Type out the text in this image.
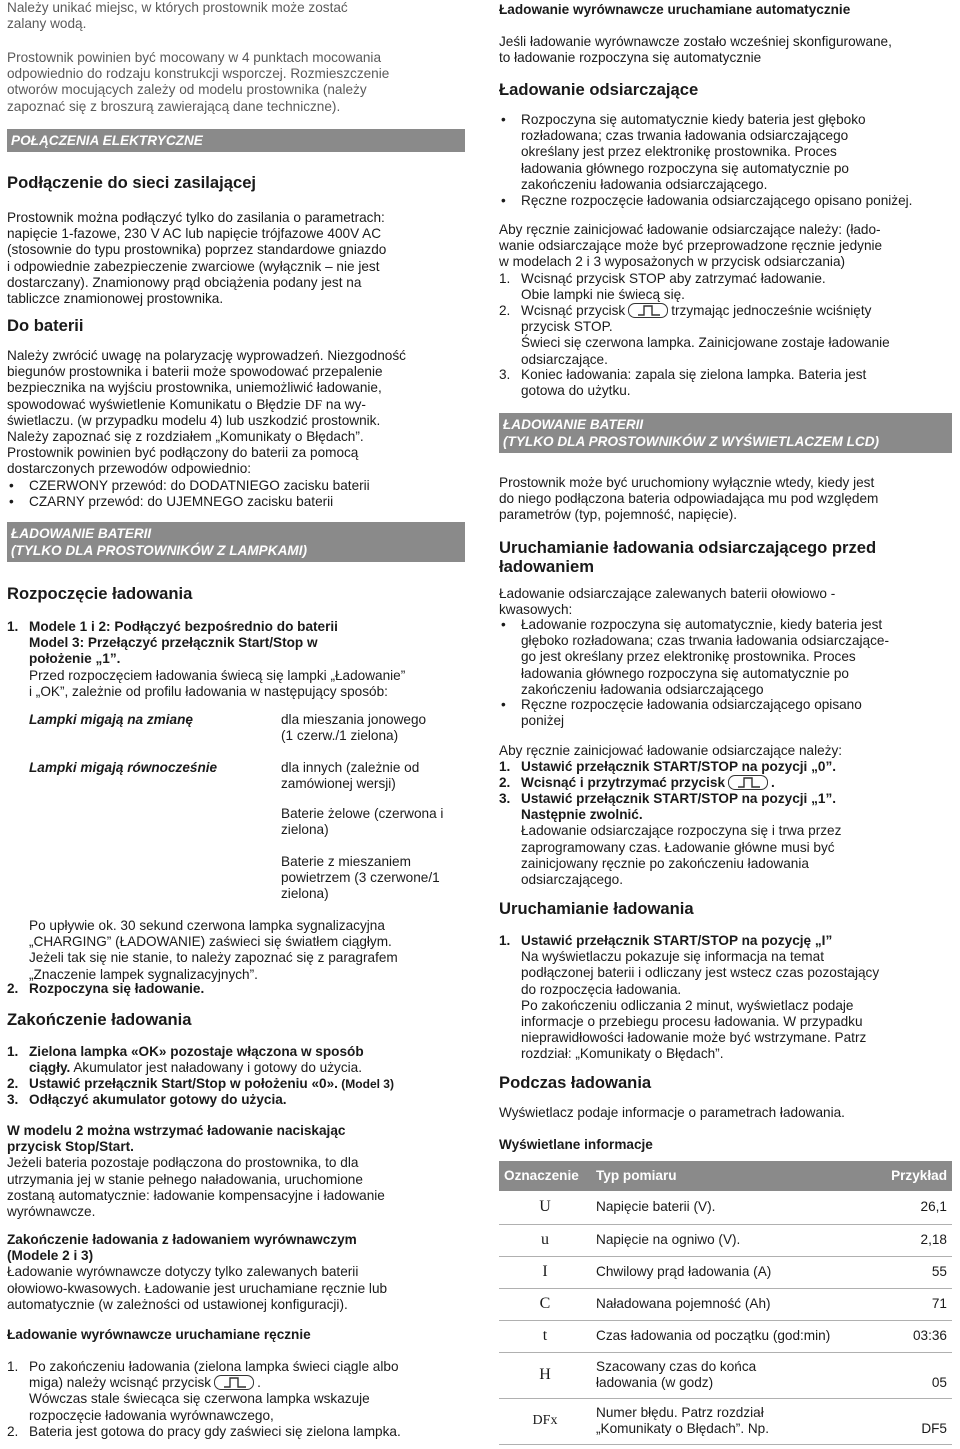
Należy unikać miejsc, w których prostownik może zostać
zalany wodą.

Prostownik powinien być mocowany w 4 punktach mocowania
odpowiednio do rodzaju konstrukcji wsporczej. Rozmieszczenie
otworów mocujących zależy od modelu prostownika (należy
zapoznać się z broszurą zawierającą dane techniczne).

POŁĄCZENIA ELEKTRYCZNE
Podłączenie do sieci zasilającej

Prostownik można podłączyć tylko do zasilania o parametrach:
napięcie 1-fazowe, 230 V AC lub napięcie trójfazowe 400V AC
(stosownie do typu prostownika) poprzez standardowe gniazdo
i odpowiednie zabezpieczenie zwarciowe (wyłącznik – nie jest
dostarczany). Znamionowy prąd obciążenia podany jest na
tabliczce znamionowej prostownika.

Do baterii

Należy zwrócić uwagę na polaryzację wyprowadzeń. Niezgodność
biegunów prostownika i baterii może spowodować przepalenie
bezpiecznika na wyjściu prostownika, uniemożliwić ładowanie,
spowodować wyświetlenie Komunikatu o Błędzie DF na wy-
świetlaczu. (w przypadku modelu 4) lub uszkodzić prostownik.
Należy zapoznać się z rozdziałem „Komunikaty o Błędach”.
Prostownik powinien być podłączony do baterii za pomocą
dostarczonych przewodów odpowiednio:

• CZERWONY przewód: do DODATNIEGO zacisku baterii
• CZARNY przewód: do UJEMNEGO zacisku baterii
ŁADOWANIE BATERII
(TYLKO DLA PROSTOWNIKÓW Z LAMPKAMI)
Rozpoczęcie ładowania
1. Modele 1 i 2: Podłączyć bezpośrednio do baterii
Model 3: Przełączyć przełącznik Start/Stop w
położenie „1”.
Przed rozpoczęciem ładowania świecą się lampki „Ładowanie”
i „OK”, zależnie od profilu ładowania w następujący sposób:
Lampki migają na zmianę	dla mieszania jonowego
(1 czerw./1 zielona)
Lampki migają równocześnie	dla innych (zależnie od
zamówionej wersji)

Baterie żelowe (czerwona i
zielona)

Baterie z mieszaniem
powietrzem (3 czerwone/1
zielona)

Po upływie ok. 30 sekund czerwona lampka sygnalizacyjna
„CHARGING” (ŁADOWANIE) zaświeci się światłem ciągłym.
Jeżeli tak się nie stanie, to należy zapoznać się z paragrafem
„Znaczenie lampek sygnalizacyjnych”.

2. Rozpoczyna się ładowanie.
Zakończenie ładowania
1. Zielona lampka «OK» pozostaje włączona w sposób
ciągły. Akumulator jest naładowany i gotowy do użycia.
2. Ustawić przełącznik Start/Stop w położeniu «0». (Model 3)
3. Odłączyć akumulator gotowy do użycia.

W modelu 2 można wstrzymać ładowanie naciskając
przycisk Stop/Start.
Jeżeli bateria pozostaje podłączona do prostownika, to dla
utrzymania jej w stanie pełnego naładowania, uruchomione
zostaną automatycznie: ładowanie kompensacyjne i ładowanie
wyrównawcze.

Zakończenie ładowania z ładowaniem wyrównawczym
(Modele 2 i 3)
Ładowanie wyrównawcze dotyczy tylko zalewanych baterii
ołowiowo-kwasowych. Ładowanie jest uruchamiane ręcznie lub
automatycznie (w zależności od ustawionej konfiguracji).

Ładowanie wyrównawcze uruchamiane ręcznie

1. Po zakończeniu ładowania (zielona lampka świeci ciągle albo
miga) należy wcisnąć przycisk	.
Wówczas stale świecąca się czerwona lampka wskazuje
rozpoczęcie ładowania wyrównawczego,
2. Bateria jest gotowa do pracy gdy zaświeci się zielona lampka.

Ładowanie wyrównawcze uruchamiane automatycznie

Jeśli ładowanie wyrównawcze zostało wcześniej skonfigurowane,
to ładowanie rozpoczyna się automatycznie

Ładowanie odsiarczające
• Rozpoczyna się automatycznie kiedy bateria jest głęboko
rozładowana; czas trwania ładowania odsiarczającego
określany jest przez elektronikę prostownika. Proces
ładowania głównego rozpoczyna się automatycznie po
zakończeniu ładowania odsiarczającego.
• Ręczne rozpoczęcie ładowania odsiarczającego opisano poniżej.

Aby ręcznie zainicjować ładowanie odsiarczające należy: (łado-
wanie odsiarczające może być przeprowadzone ręcznie jedynie
w modelach 2 i 3 wyposażonych w przycisk odsiarczania)

1. Wcisnąć przycisk STOP aby zatrzymać ładowanie.
Obie lampki nie świecą się.
2. Wcisnąć przycisk	trzymając jednocześnie wciśnięty
przycisk STOP.
Świeci się czerwona lampka. Zainicjowane zostaje ładowanie
odsiarczające.
3. Koniec ładowania: zapala się zielona lampka. Bateria jest
gotowa do użytku.
ŁADOWANIE BATERII
(TYLKO DLA PROSTOWNIKÓW Z WYŚWIETLACZEM LCD)

Prostownik może być uruchomiony wyłącznie wtedy, kiedy jest
do niego podłączona bateria odpowiadająca mu pod względem
parametrów (typ, pojemność, napięcie).

Uruchamianie ładowania odsiarczającego przed
ładowaniem

Ładowanie odsiarczające zalewanych baterii ołowiowo -
kwasowych:

• Ładowanie rozpoczyna się automatycznie, kiedy bateria jest
głęboko rozładowana; czas trwania ładowania odsiarczające-
go jest określany przez elektronikę prostownika. Proces
ładowania głównego rozpoczyna się automatycznie po
zakończeniu ładowania odsiarczającego
• Ręczne rozpoczęcie ładowania odsiarczającego opisano
poniżej

Aby ręcznie zainicjować ładowanie odsiarczające należy:

1. Ustawić przełącznik START/STOP na pozycji „0”.
2. Wcisnąć i przytrzymać przycisk	.
3. Ustawić przełącznik START/STOP na pozycji „1”.
Następnie zwolnić.
Ładowanie odsiarczające rozpoczyna się i trwa przez
zaprogramowany czas. Ładowanie główne musi być
zainicjowany ręcznie po zakończeniu ładowania
odsiarczającego.
Uruchamianie ładowania
1. Ustawić przełącznik START/STOP na pozycję „I”
Na wyświetlaczu pokazuje się informacja na temat
podłączonej baterii i odliczany jest wstecz czas pozostający
do rozpoczęcia ładowania.
Po zakończeniu odliczania 2 minut, wyświetlacz podaje
informacje o przebiegu procesu ładowania. W przypadku
nieprawidłowości ładowanie może być wstrzymane. Patrz
rozdział: „Komunikaty o Błędach”.
Podczas ładowania

Wyświetlacz podaje informacje o parametrach ładowania.

Wyświetlane informacje

Oznaczenie	Typ pomiaru	Przykład
U	Napięcie baterii (V).	26,1
u	Napięcie na ogniwo (V).	2,18
I	Chwilowy prąd ładowania (A)	55
C	Naładowana pojemność (Ah)	71
t	Czas ładowania od początku (god:min)	03:36
H	Szacowany czas do końca
ładowania (w godz)	05
DFx	Numer błędu. Patrz rozdział
„Komunikaty o Błędach”. Np.	DF5
